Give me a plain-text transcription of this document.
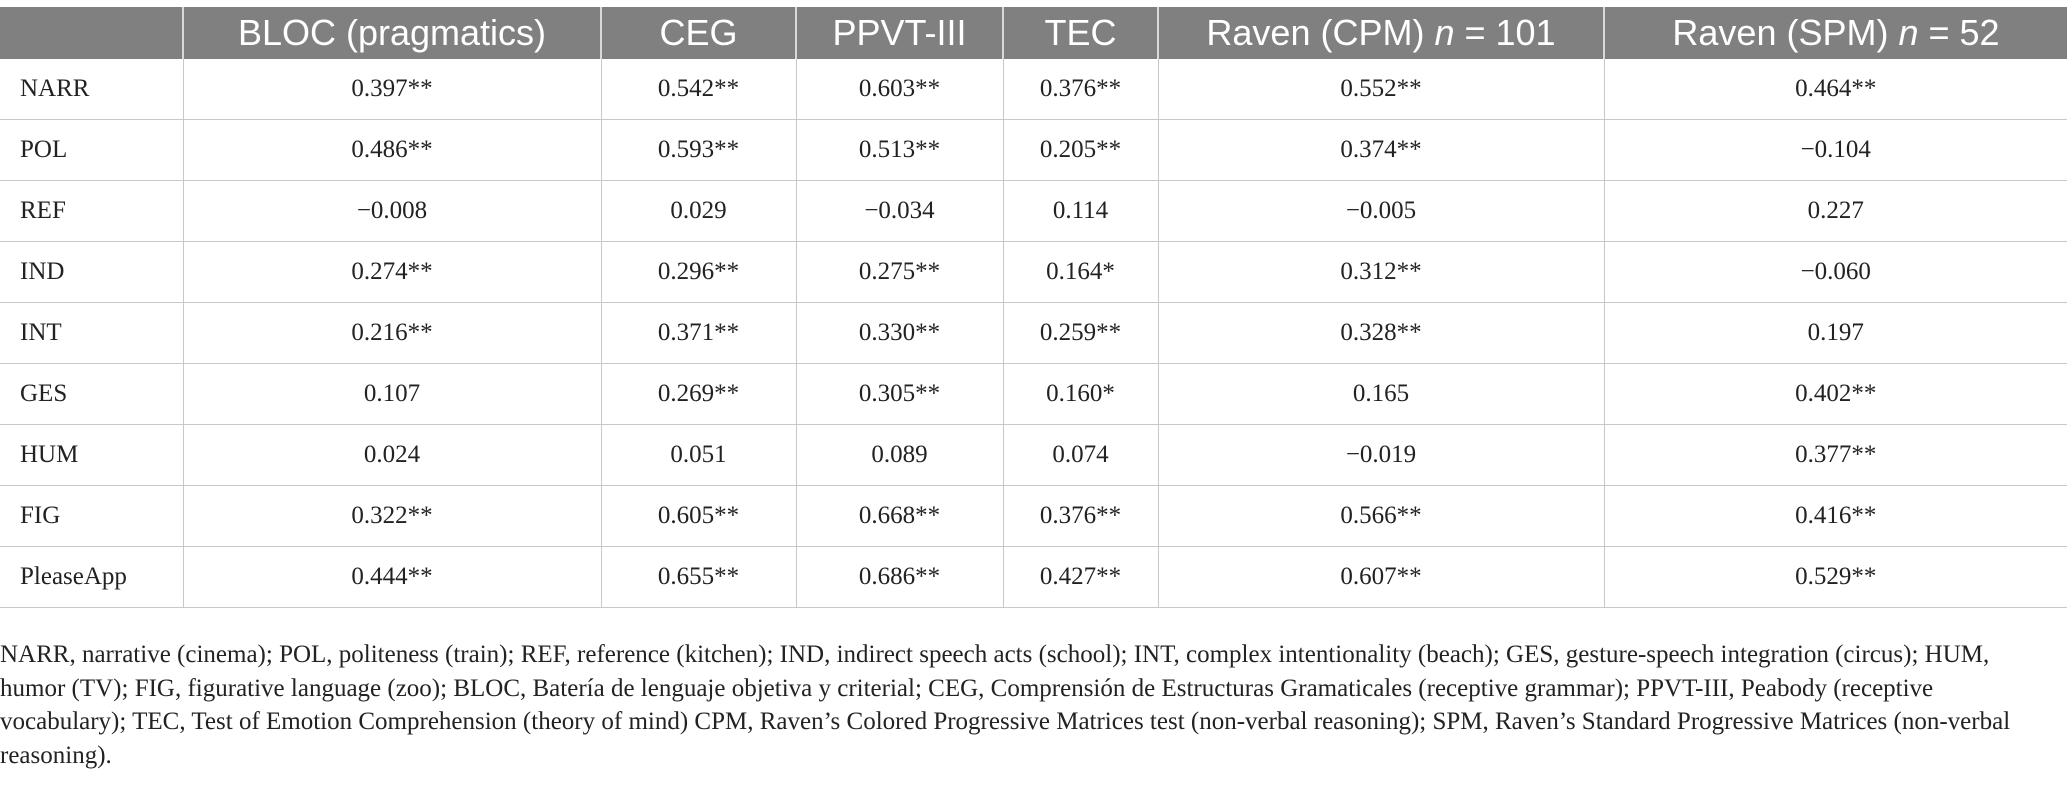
	BLOC (pragmatics)	CEG	PPVT-III	TEC	Raven (CPM) n = 101	Raven (SPM) n = 52
NARR	0.397**	0.542**	0.603**	0.376**	0.552**	0.464**
POL	0.486**	0.593**	0.513**	0.205**	0.374**	−0.104
REF	−0.008	0.029	−0.034	0.114	−0.005	0.227
IND	0.274**	0.296**	0.275**	0.164*	0.312**	−0.060
INT	0.216**	0.371**	0.330**	0.259**	0.328**	0.197
GES	0.107	0.269**	0.305**	0.160*	0.165	0.402**
HUM	0.024	0.051	0.089	0.074	−0.019	0.377**
FIG	0.322**	0.605**	0.668**	0.376**	0.566**	0.416**
PleaseApp	0.444**	0.655**	0.686**	0.427**	0.607**	0.529**
NARR, narrative (cinema); POL, politeness (train); REF, reference (kitchen); IND, indirect speech acts (school); INT, complex intentionality (beach); GES, gesture-speech integration (circus); HUM, humor (TV); FIG, figurative language (zoo); BLOC, Batería de lenguaje objetiva y criterial; CEG, Comprensión de Estructuras Gramaticales (receptive grammar); PPVT-III, Peabody (receptive vocabulary); TEC, Test of Emotion Comprehension (theory of mind) CPM, Raven’s Colored Progressive Matrices test (non-verbal reasoning); SPM, Raven’s Standard Progressive Matrices (non-verbal reasoning).
